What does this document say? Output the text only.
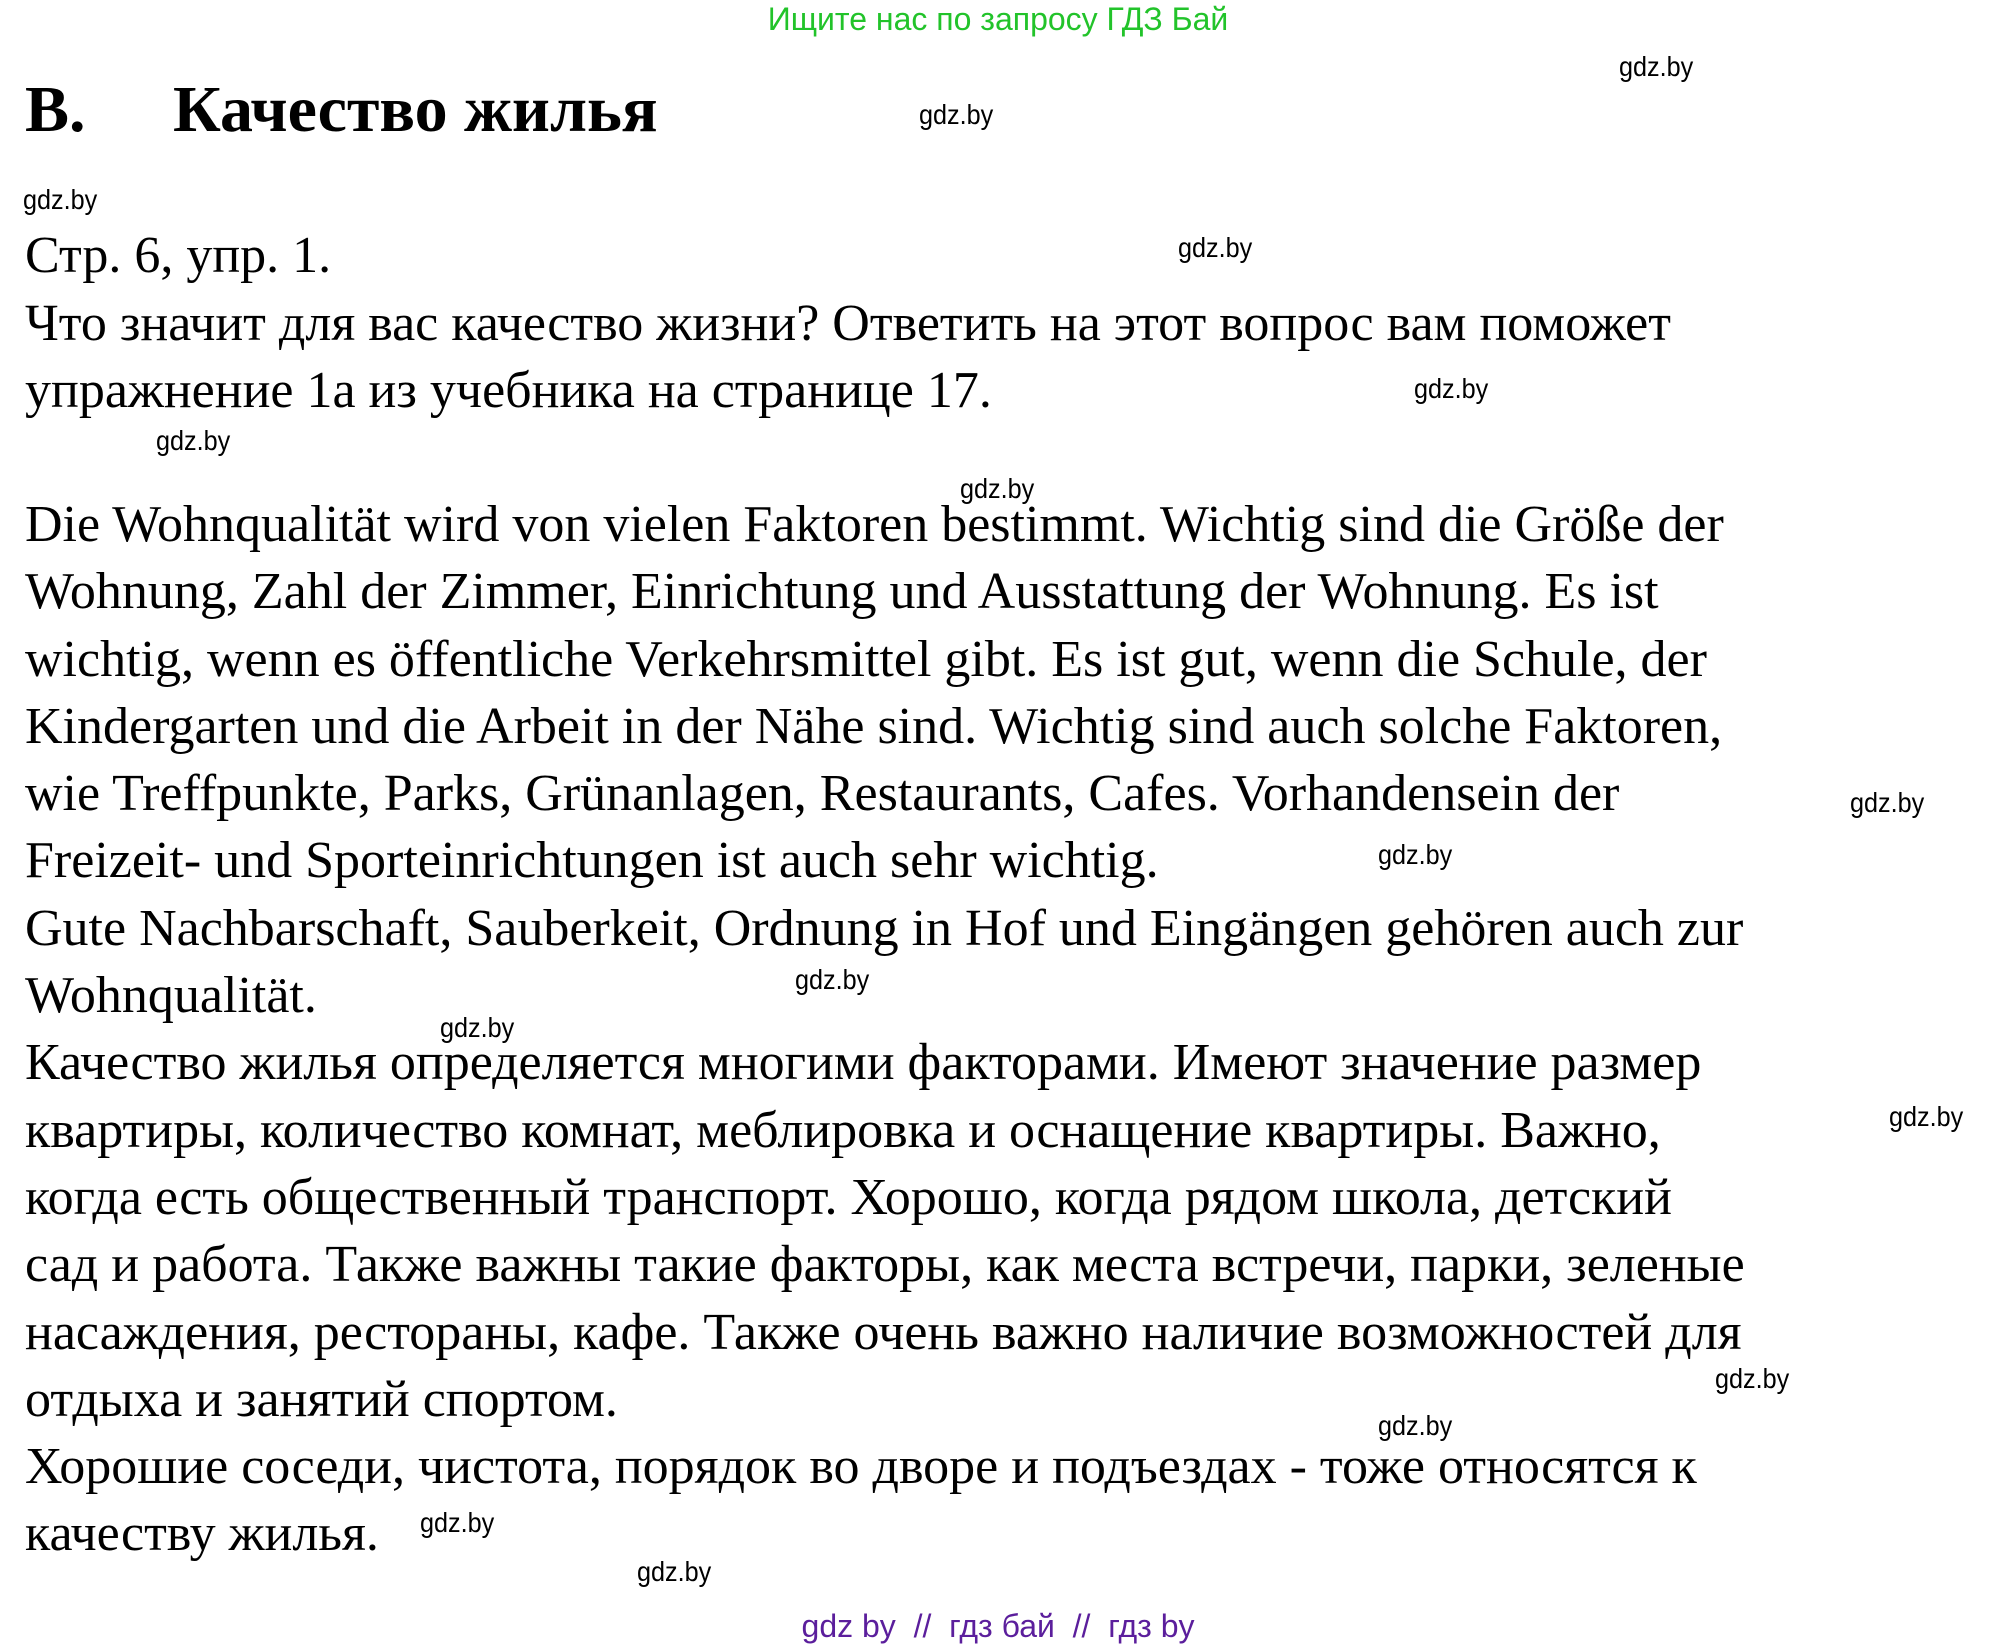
Ищите нас по запросу ГДЗ Бай
B. Качество жилья
Стр. 6, упр. 1.
Что значит для вас качество жизни? Ответить на этот вопрос вам поможет
упражнение 1а из учебника на странице 17.
Die Wohnqualität wird von vielen Faktoren bestimmt. Wichtig sind die Größe der
Wohnung, Zahl der Zimmer, Einrichtung und Ausstattung der Wohnung. Es ist
wichtig, wenn es öffentliche Verkehrsmittel gibt. Es ist gut, wenn die Schule, der
Kindergarten und die Arbeit in der Nähe sind. Wichtig sind auch solche Faktoren,
wie Treffpunkte, Parks, Grünanlagen, Restaurants, Cafes. Vorhandensein der
Freizeit- und Sporteinrichtungen ist auch sehr wichtig.
Gute Nachbarschaft, Sauberkeit, Ordnung in Hof und Eingängen gehören auch zur
Wohnqualität.
Качество жилья определяется многими факторами. Имеют значение размер
квартиры, количество комнат, меблировка и оснащение квартиры. Важно,
когда есть общественный транспорт. Хорошо, когда рядом школа, детский
сад и работа. Также важны такие факторы, как места встречи, парки, зеленые
насаждения, рестораны, кафе. Также очень важно наличие возможностей для
отдыха и занятий спортом.
Хорошие соседи, чистота, порядок во дворе и подъездах - тоже относятся к
качеству жилья.
gdz.by
gdz.by
gdz.by
gdz.by
gdz.by
gdz.by
gdz.by
gdz.by
gdz.by
gdz.by
gdz.by
gdz.by
gdz.by
gdz.by
gdz.by
gdz.by
gdz by  //  гдз бай  //  гдз by
